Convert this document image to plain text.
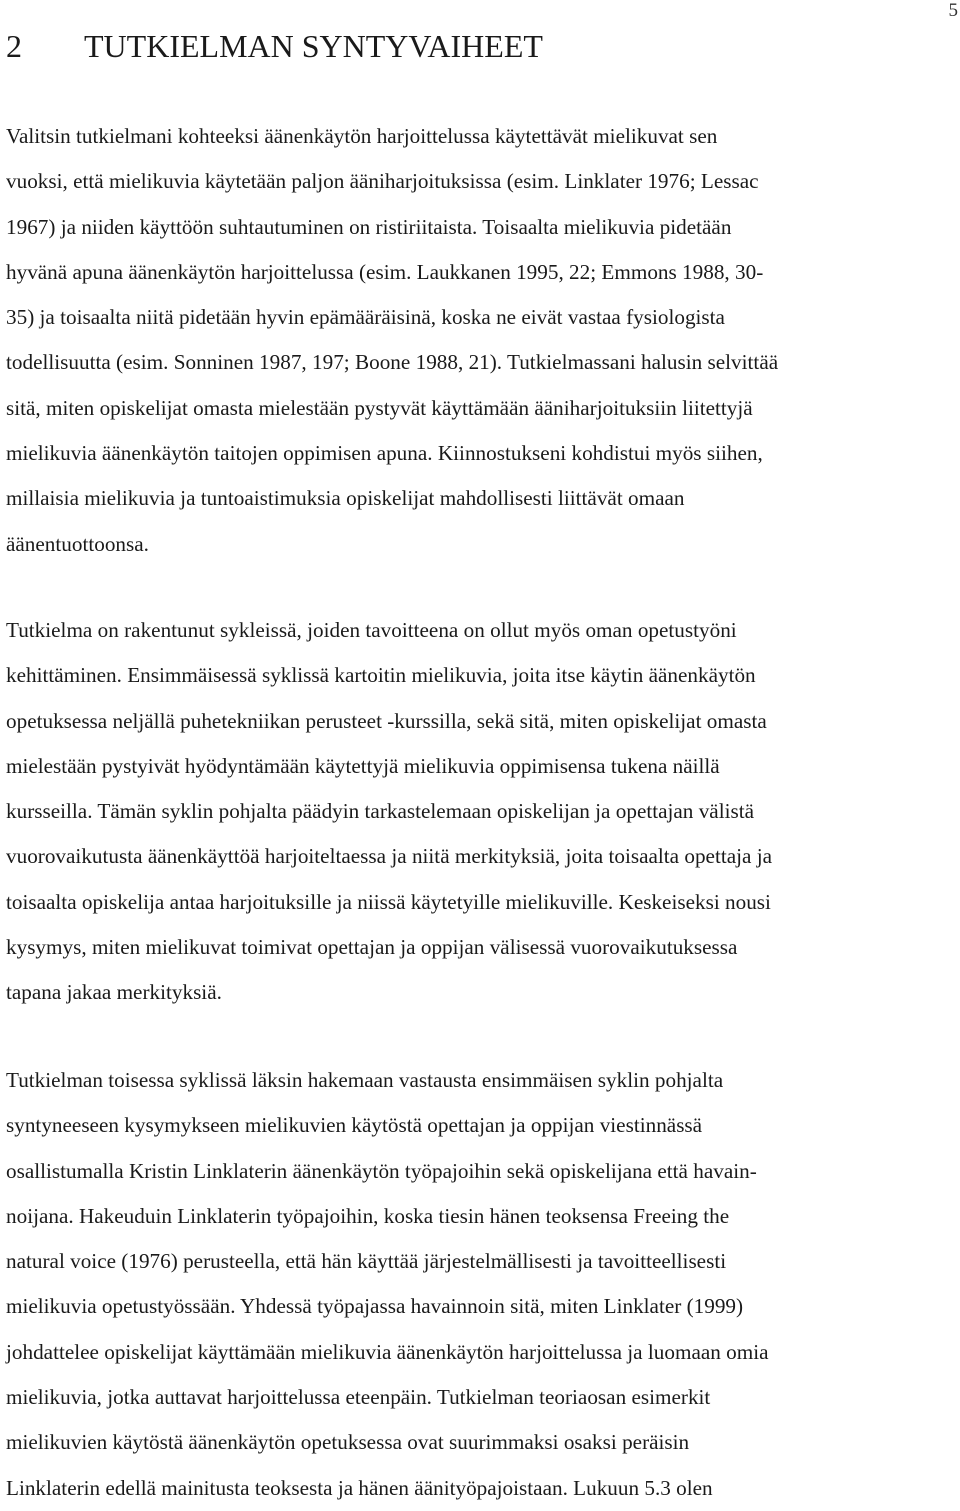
5
2 TUTKIELMAN SYNTYVAIHEET
Valitsin tutkielmani kohteeksi äänenkäytön harjoittelussa käytettävät mielikuvat sen
vuoksi, että mielikuvia käytetään paljon ääniharjoituksissa (esim. Linklater 1976; Lessac
1967) ja niiden käyttöön suhtautuminen on ristiriitaista. Toisaalta mielikuvia pidetään
hyvänä apuna äänenkäytön harjoittelussa (esim. Laukkanen 1995, 22; Emmons 1988, 30-
35) ja toisaalta niitä pidetään hyvin epämääräisinä, koska ne eivät vastaa fysiologista
todellisuutta (esim. Sonninen 1987, 197; Boone 1988, 21). Tutkielmassani halusin selvittää
sitä, miten opiskelijat omasta mielestään pystyvät käyttämään ääniharjoituksiin liitettyjä
mielikuvia äänenkäytön taitojen oppimisen apuna. Kiinnostukseni kohdistui myös siihen,
millaisia mielikuvia ja tuntoaistimuksia opiskelijat mahdollisesti liittävät omaan
äänentuottoonsa.
Tutkielma on rakentunut sykleissä, joiden tavoitteena on ollut myös oman opetustyöni
kehittäminen. Ensimmäisessä syklissä kartoitin mielikuvia, joita itse käytin äänenkäytön
opetuksessa neljällä puhetekniikan perusteet -kurssilla, sekä sitä, miten opiskelijat omasta
mielestään pystyivät hyödyntämään käytettyjä mielikuvia oppimisensa tukena näillä
kursseilla. Tämän syklin pohjalta päädyin tarkastelemaan opiskelijan ja opettajan välistä
vuorovaikutusta äänenkäyttöä harjoiteltaessa ja niitä merkityksiä, joita toisaalta opettaja ja
toisaalta opiskelija antaa harjoituksille ja niissä käytetyille mielikuville. Keskeiseksi nousi
kysymys, miten mielikuvat toimivat opettajan ja oppijan välisessä vuorovaikutuksessa
tapana jakaa merkityksiä.
Tutkielman toisessa syklissä läksin hakemaan vastausta ensimmäisen syklin pohjalta
syntyneeseen kysymykseen mielikuvien käytöstä opettajan ja oppijan viestinnässä
osallistumalla Kristin Linklaterin äänenkäytön työpajoihin sekä opiskelijana että havain-
noijana. Hakeuduin Linklaterin työpajoihin, koska tiesin hänen teoksensa Freeing the
natural voice (1976) perusteella, että hän käyttää järjestelmällisesti ja tavoitteellisesti
mielikuvia opetustyössään. Yhdessä työpajassa havainnoin sitä, miten Linklater (1999)
johdattelee opiskelijat käyttämään mielikuvia äänenkäytön harjoittelussa ja luomaan omia
mielikuvia, jotka auttavat harjoittelussa eteenpäin. Tutkielman teoriaosan esimerkit
mielikuvien käytöstä äänenkäytön opetuksessa ovat suurimmaksi osaksi peräisin
Linklaterin edellä mainitusta teoksesta ja hänen äänityöpajoistaan. Lukuun 5.3 olen
